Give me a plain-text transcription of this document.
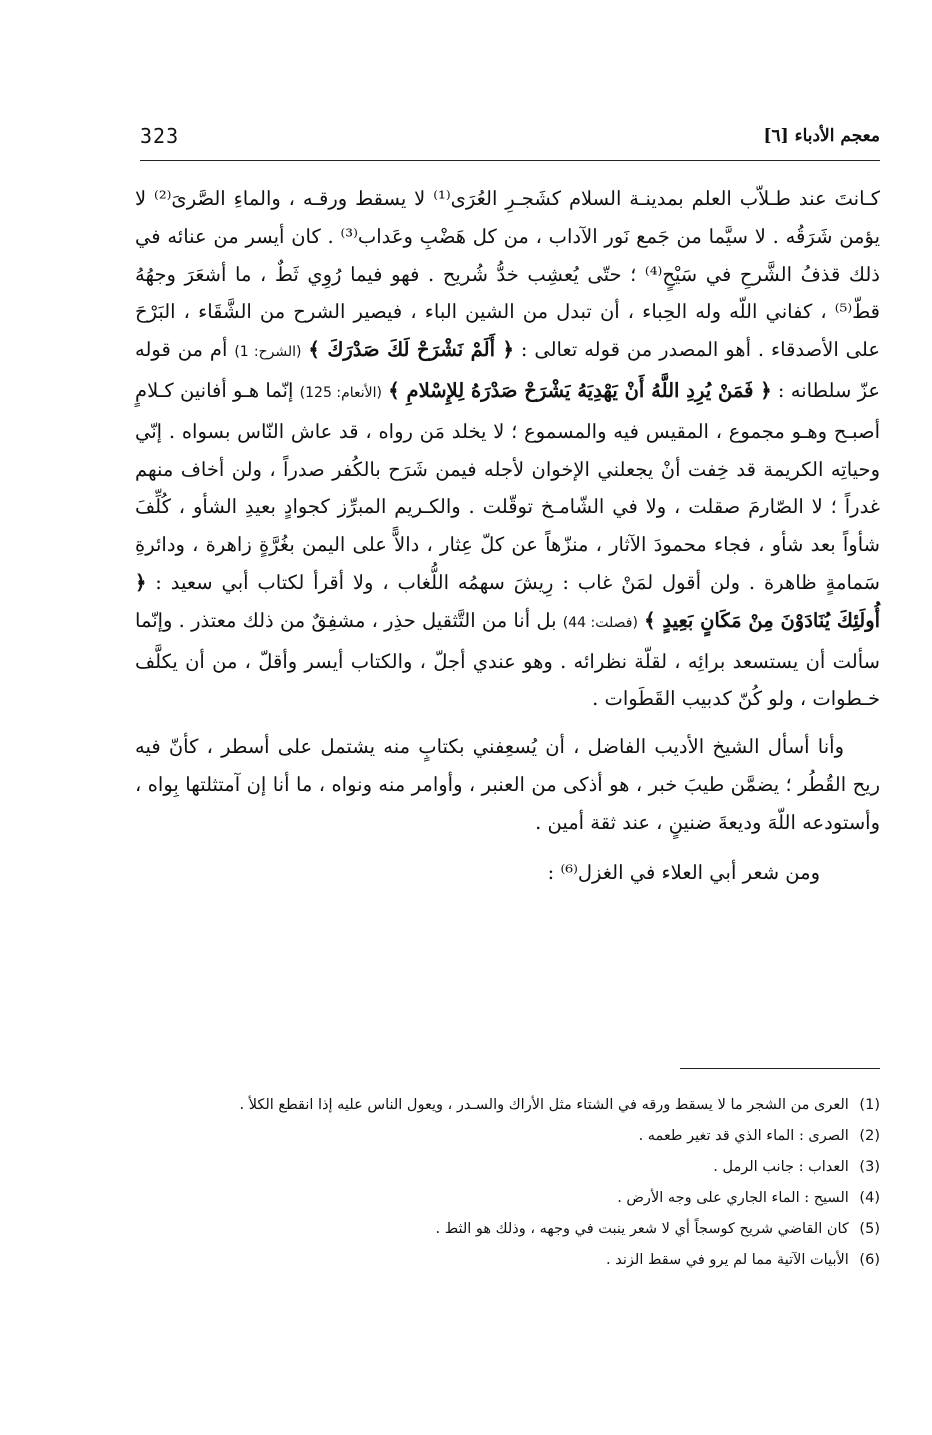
معجم الأدباء [٦]
323

كـانتَ عند طـلاّب العلم بمدينـة السلام كشَجـرِ العُرَى⁽¹⁾ لا يسقط ورقـه ، والماءِ الصَّرىَ⁽²⁾ لا يؤمن شَرَقُه . لا سيَّما من جَمع نَور الآداب ، من كل هَضْبِ وعَداب⁽³⁾ . كان أيسر من عنائه في ذلك قذفُ الشَّرحِ في سَيْحٍ⁽⁴⁾ ؛ حتّى يُعشِب خدُّ شُريح . فهو فيما رُوِي ثَطٌ ، ما أشعَرَ وجهُهُ قطّ⁽⁵⁾ ، كفاني اللّه وله الحِباء ، أن تبدل من الشين الباء ، فيصير الشرح من الشَّقَاء ، البَرْحَ على الأصدقاء . أهو المصدر من قوله تعالى : ﴿ أَلَمْ نَشْرَحْ لَكَ صَدْرَكَ ﴾ (الشرح: 1) أم من قوله عزّ سلطانه : ﴿ فَمَنْ يُرِدِ اللَّهُ أَنْ يَهْدِيَهُ يَشْرَحْ صَدْرَهُ لِلإِسْلامِ ﴾ (الأنعام: 125) إنّما هـو أفانين كـلامٍ أصبـح وهـو مجموع ، المقيس فيه والمسموع ؛ لا يخلد مَن رواه ، قد عاش النّاس بسواه . إنّي وحياتِه الكريمة قد خِفت أنْ يجعلني الإخوان لأجله فيمن شَرَح بالكُفر صدراً ، ولن أخاف منهم غدراً ؛ لا الصّارمَ صقلت ، ولا في الشّامـخ توقّلت . والكـريم المبرِّز كجوادٍ بعيدِ الشأو ، كُلِّفَ شأواً بعد شأو ، فجاء محمودَ الآثار ، منزّهاً عن كلّ عِثار ، دالاًّ على اليمن بغُرَّةٍ زاهرة ، ودائرةِ سَمامةٍ ظاهرة . ولن أقول لمَنْ غاب : رِيشَ سهمُه اللُّغاب ، ولا أقرأ لكتاب أبي سعيد : ﴿ أُولَئِكَ يُنَادَوْنَ مِنْ مَكَانٍ بَعِيدٍ ﴾ (فصلت: 44) بل أنا من التَّثقيل حذِر ، مشفِقٌ من ذلك معتذر . وإنّما سألت أن يستسعد برائِه ، لقلّة نظرائه . وهو عندي أجلّ ، والكتاب أيسر وأقلّ ، من أن يكلَّف خـطوات ، ولو كُنّ كدبيب القَطَوات .

وأنا أسأل الشيخ الأديب الفاضل ، أن يُسعِفني بكتابٍ منه يشتمل على أسطر ، كأنّ فيه ريح القُطُر ؛ يضمَّن طيبَ خبر ، هو أذكى من العنبر ، وأوامر منه ونواه ، ما أنا إن آمتثلتها بِواه ، وأستودعه اللّهَ وديعةَ ضنينٍ ، عند ثقة أمين .

ومن شعر أبي العلاء في الغزل⁽⁶⁾ :

(1) العرى من الشجر ما لا يسقط ورقه في الشتاء مثل الأراك والسـدر ، ويعول الناس عليه إذا انقطع الكلأ .

(2) الصرى : الماء الذي قد تغير طعمه .

(3) العداب : جانب الرمل .

(4) السيح : الماء الجاري على وجه الأرض .

(5) كان القاضي شريح كوسجاً أي لا شعر ينبت في وجهه ، وذلك هو الثط .

(6) الأبيات الآتية مما لم يرو في سقط الزند .
